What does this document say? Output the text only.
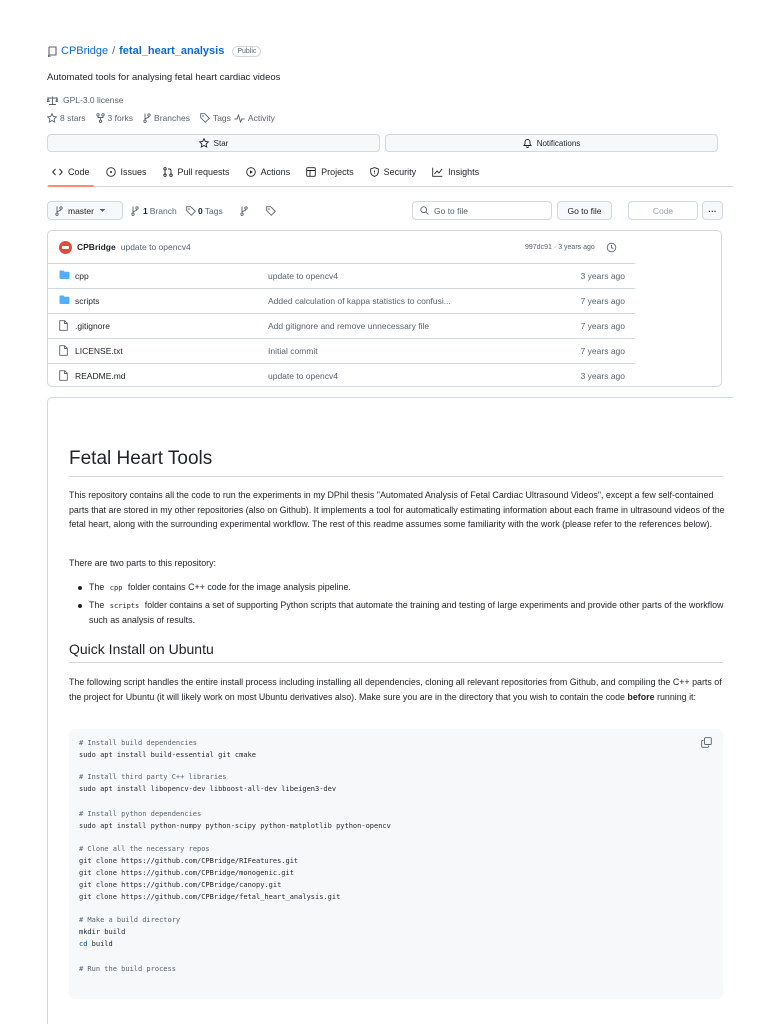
CPBridge / fetal_heart_analysis	Public
Automated tools for analysing fetal heart cardiac videos
GPL-3.0 license
8 stars	3 forks Branches	Tags Activity
Star	Notifications
Code	Issues	Pull requests	Actions	Projects	Security	Insights
master	1 Branch	0 Tags	Go to file	Go to file	Code	···
CPBridge update to opencv4	997dc91 · 3 years ago
cpp	update to opencv4	3 years ago
scripts	Added calculation of kappa statistics to confusi...	7 years ago
.gitignore	Add gitignore and remove unnecessary file	7 years ago
LICENSE.txt	Initial commit	7 years ago
README.md	update to opencv4	3 years ago
Fetal Heart Tools

This repository contains all the code to run the experiments in my DPhil thesis "Automated Analysis of Fetal Cardiac Ultrasound Videos", except a few self-contained parts that are stored in my other repositories (also on Github). It implements a tool for automatically estimating information about each frame in ultrasound videos of the fetal heart, along with the surrounding experimental workflow. The rest of this readme assumes some familiarity with the work (please refer to the references below).

There are two parts to this repository:

The cpp folder contains C++ code for the image analysis pipeline.
The scripts folder contains a set of supporting Python scripts that automate the training and testing of large experiments and provide other parts of the workflow such as analysis of results.
Quick Install on Ubuntu

The following script handles the entire install process including installing all dependencies, cloning all relevant repositories from Github, and compiling the C++ parts of the project for Ubuntu (it will likely work on most Ubuntu derivatives also). Make sure you are in the directory that you wish to contain the code before running it:

# Install build dependencies
sudo apt install build-essential git cmake
# Install third party C++ libraries
sudo apt install libopencv-dev libboost-all-dev libeigen3-dev
# Install python dependencies
sudo apt install python-numpy python-scipy python-matplotlib python-opencv
# Clone all the necessary repos
git clone https://github.com/CPBridge/RIFeatures.git
git clone https://github.com/CPBridge/monogenic.git
git clone https://github.com/CPBridge/canopy.git
git clone https://github.com/CPBridge/fetal_heart_analysis.git
# Make a build directory
mkdir build
cd build
# Run the build process
